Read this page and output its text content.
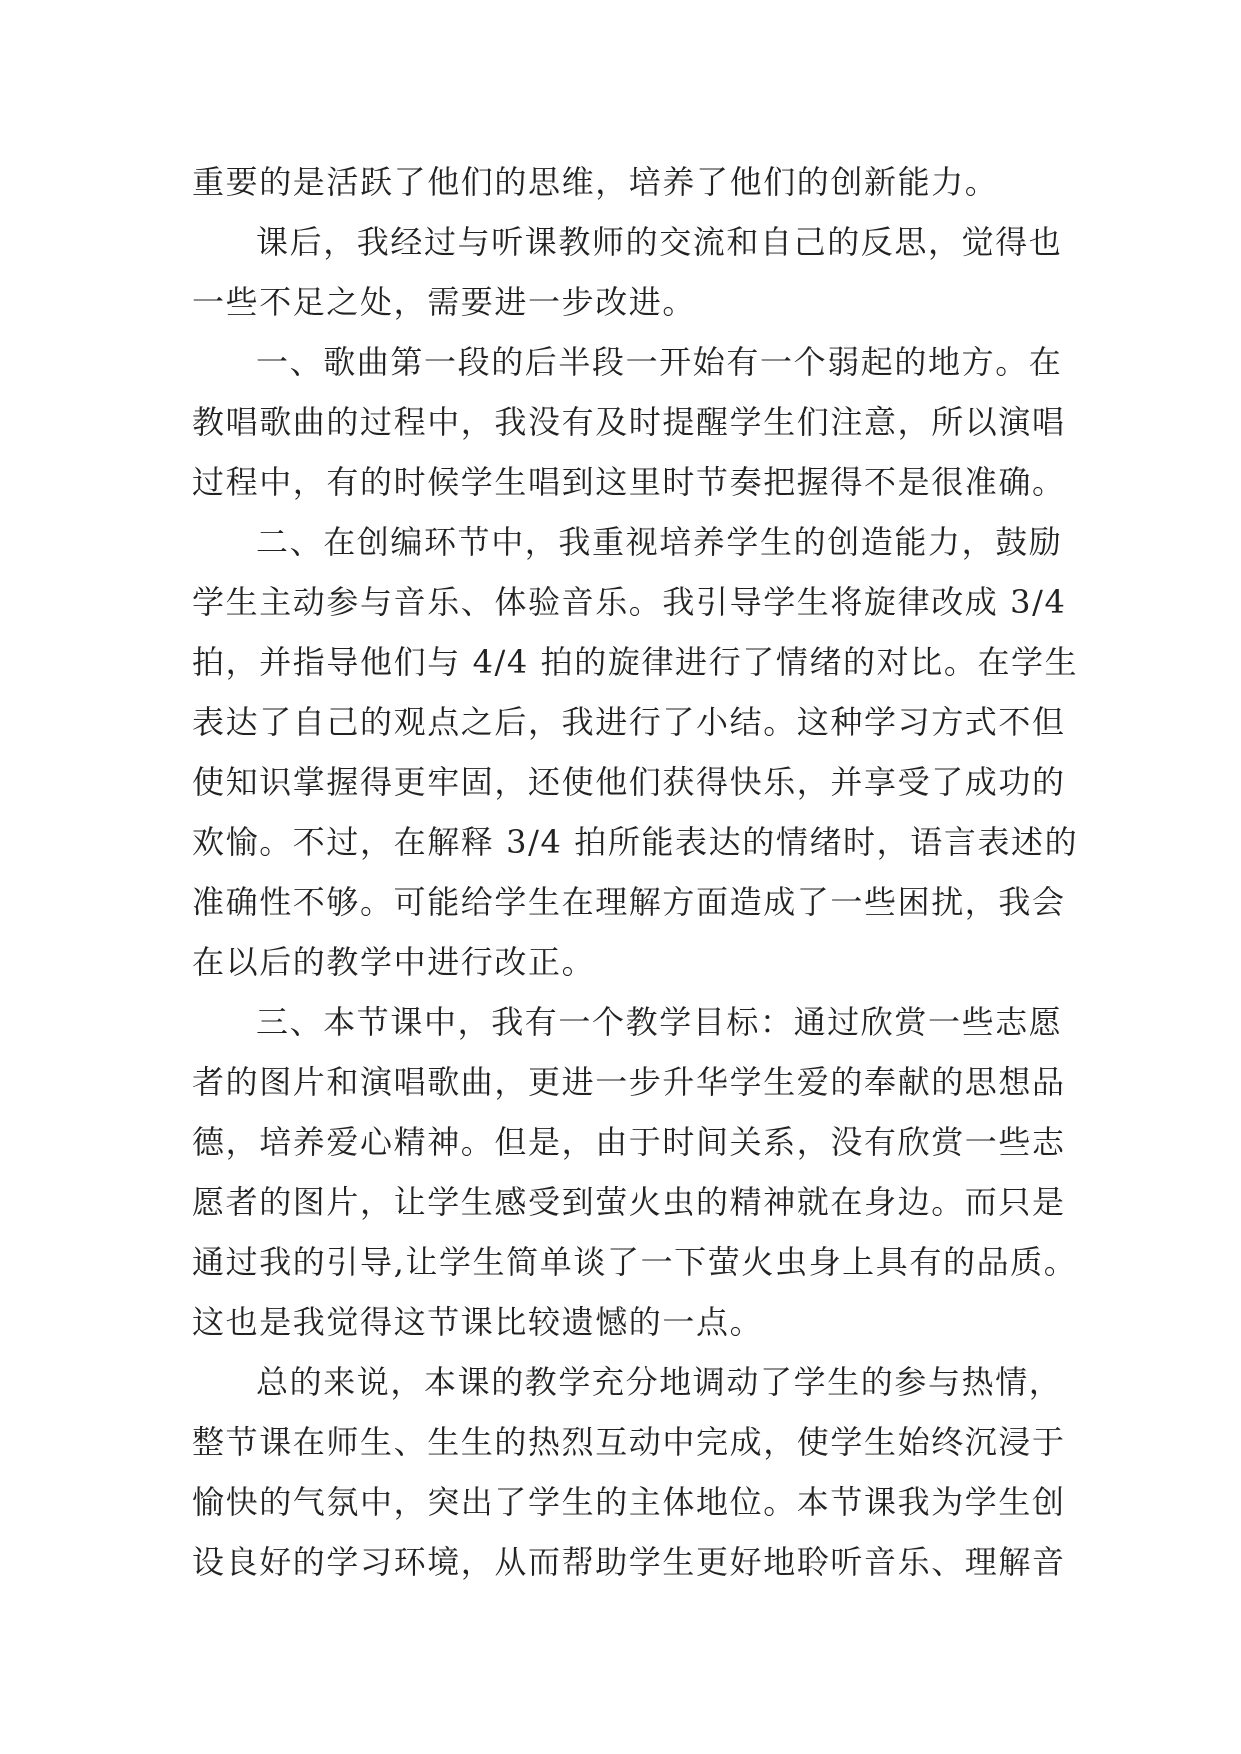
重要的是活跃了他们的思维，培养了他们的创新能力。
课后，我经过与听课教师的交流和自己的反思，觉得也
一些不足之处，需要进一步改进。
一、歌曲第一段的后半段一开始有一个弱起的地方。在
教唱歌曲的过程中，我没有及时提醒学生们注意，所以演唱
过程中，有的时候学生唱到这里时节奏把握得不是很准确。
二、在创编环节中，我重视培养学生的创造能力，鼓励
学生主动参与音乐、体验音乐。我引导学生将旋律改成 3/4
拍，并指导他们与 4/4 拍的旋律进行了情绪的对比。在学生
表达了自己的观点之后，我进行了小结。这种学习方式不但
使知识掌握得更牢固，还使他们获得快乐，并享受了成功的
欢愉。不过，在解释 3/4 拍所能表达的情绪时，语言表述的
准确性不够。可能给学生在理解方面造成了一些困扰，我会
在以后的教学中进行改正。
三、本节课中，我有一个教学目标：通过欣赏一些志愿
者的图片和演唱歌曲，更进一步升华学生爱的奉献的思想品
德，培养爱心精神。但是，由于时间关系，没有欣赏一些志
愿者的图片，让学生感受到萤火虫的精神就在身边。而只是
通过我的引导,让学生简单谈了一下萤火虫身上具有的品质。
这也是我觉得这节课比较遗憾的一点。
总的来说，本课的教学充分地调动了学生的参与热情，
整节课在师生、生生的热烈互动中完成，使学生始终沉浸于
愉快的气氛中，突出了学生的主体地位。本节课我为学生创
设良好的学习环境，从而帮助学生更好地聆听音乐、理解音
